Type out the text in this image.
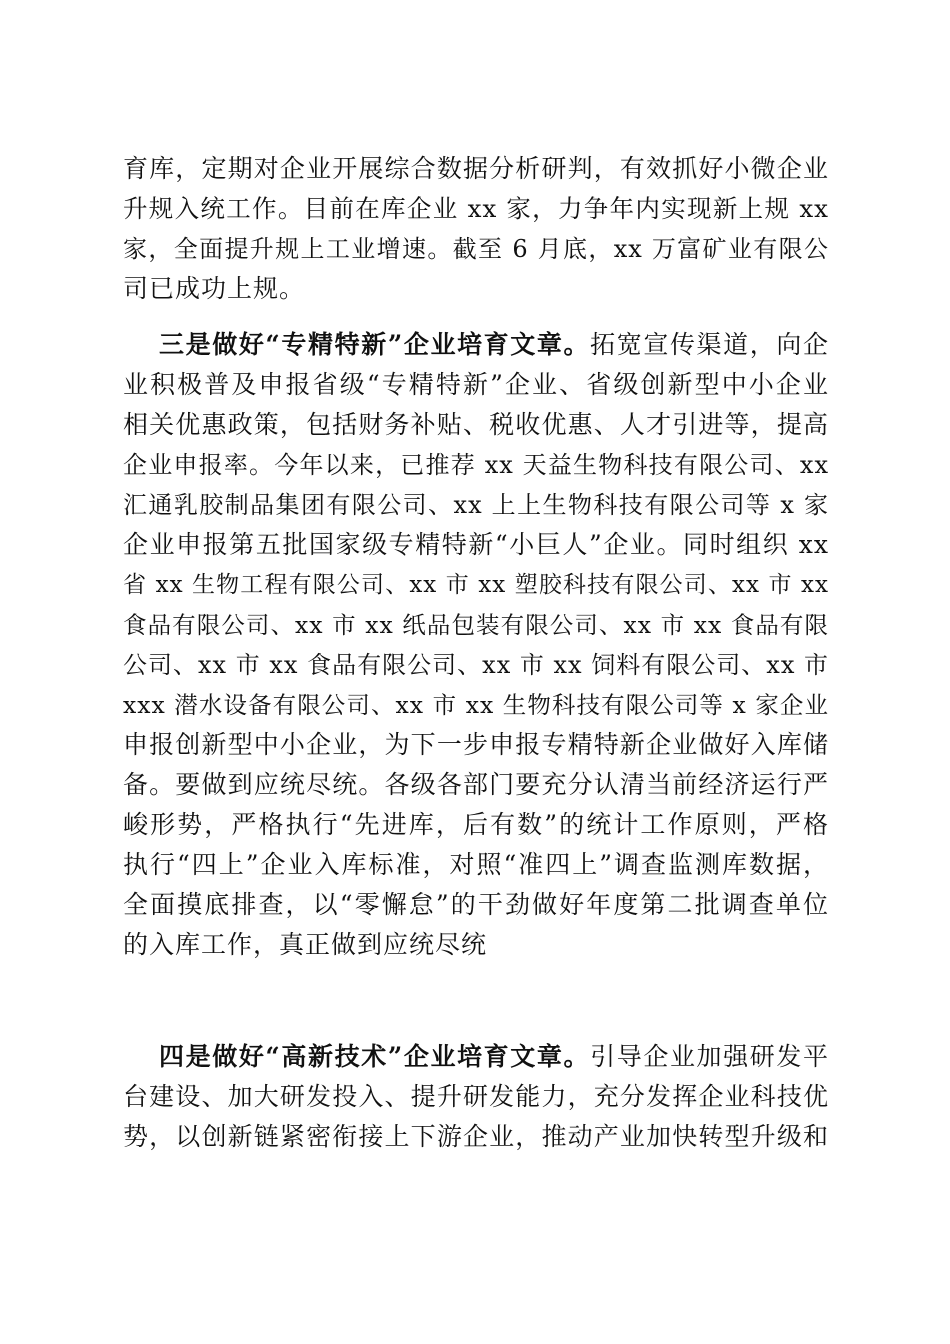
育库，定期对企业开展综合数据分析研判，有效抓好小微企业
升规入统工作。目前在库企业 xx 家，力争年内实现新上规 xx
家，全面提升规上工业增速。截至 6 月底，xx 万富矿业有限公
司已成功上规。
三是做好“专精特新”企业培育文章。拓宽宣传渠道，向企
业积极普及申报省级“专精特新”企业、省级创新型中小企业
相关优惠政策，包括财务补贴、税收优惠、人才引进等，提高
企业申报率。今年以来，已推荐 xx 天益生物科技有限公司、xx
汇通乳胶制品集团有限公司、xx 上上生物科技有限公司等 x 家
企业申报第五批国家级专精特新“小巨人”企业。同时组织 xx
省 xx 生物工程有限公司、xx 市 xx 塑胶科技有限公司、xx 市 xx
食品有限公司、xx 市 xx 纸品包装有限公司、xx 市 xx 食品有限
公司、xx 市 xx 食品有限公司、xx 市 xx 饲料有限公司、xx 市
xxx 潜水设备有限公司、xx 市 xx 生物科技有限公司等 x 家企业
申报创新型中小企业，为下一步申报专精特新企业做好入库储
备。要做到应统尽统。各级各部门要充分认清当前经济运行严
峻形势，严格执行“先进库，后有数”的统计工作原则，严格
执行“四上”企业入库标准，对照“准四上”调查监测库数据，
全面摸底排查，以“零懈怠”的干劲做好年度第二批调查单位
的入库工作，真正做到应统尽统
四是做好“高新技术”企业培育文章。引导企业加强研发平
台建设、加大研发投入、提升研发能力，充分发挥企业科技优
势，以创新链紧密衔接上下游企业，推动产业加快转型升级和
